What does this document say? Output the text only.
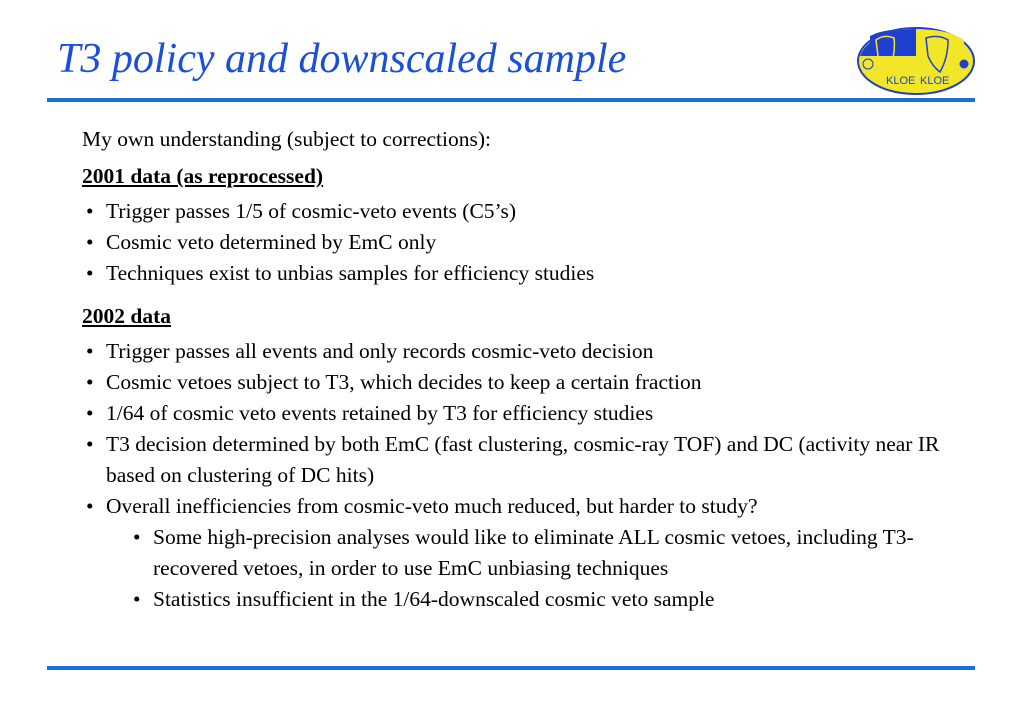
T3 policy and downscaled sample	KLOE KLOE

My own understanding (subject to corrections):

2001 data (as reprocessed)

• Trigger passes 1/5 of cosmic-veto events (C5’s)
• Cosmic veto determined by EmC only
• Techniques exist to unbias samples for efficiency studies

2002 data

• Trigger passes all events and only records cosmic-veto decision
• Cosmic vetoes subject to T3, which decides to keep a certain fraction
• 1/64 of cosmic veto events retained by T3 for efficiency studies
• T3 decision determined by both EmC (fast clustering, cosmic-ray TOF) and DC (activity near IR based on clustering of DC hits)
• Overall inefficiencies from cosmic-veto much reduced, but harder to study?
• Some high-precision analyses would like to eliminate ALL cosmic vetoes, including T3-recovered vetoes, in order to use EmC unbiasing techniques
• Statistics insufficient in the 1/64-downscaled cosmic veto sample
